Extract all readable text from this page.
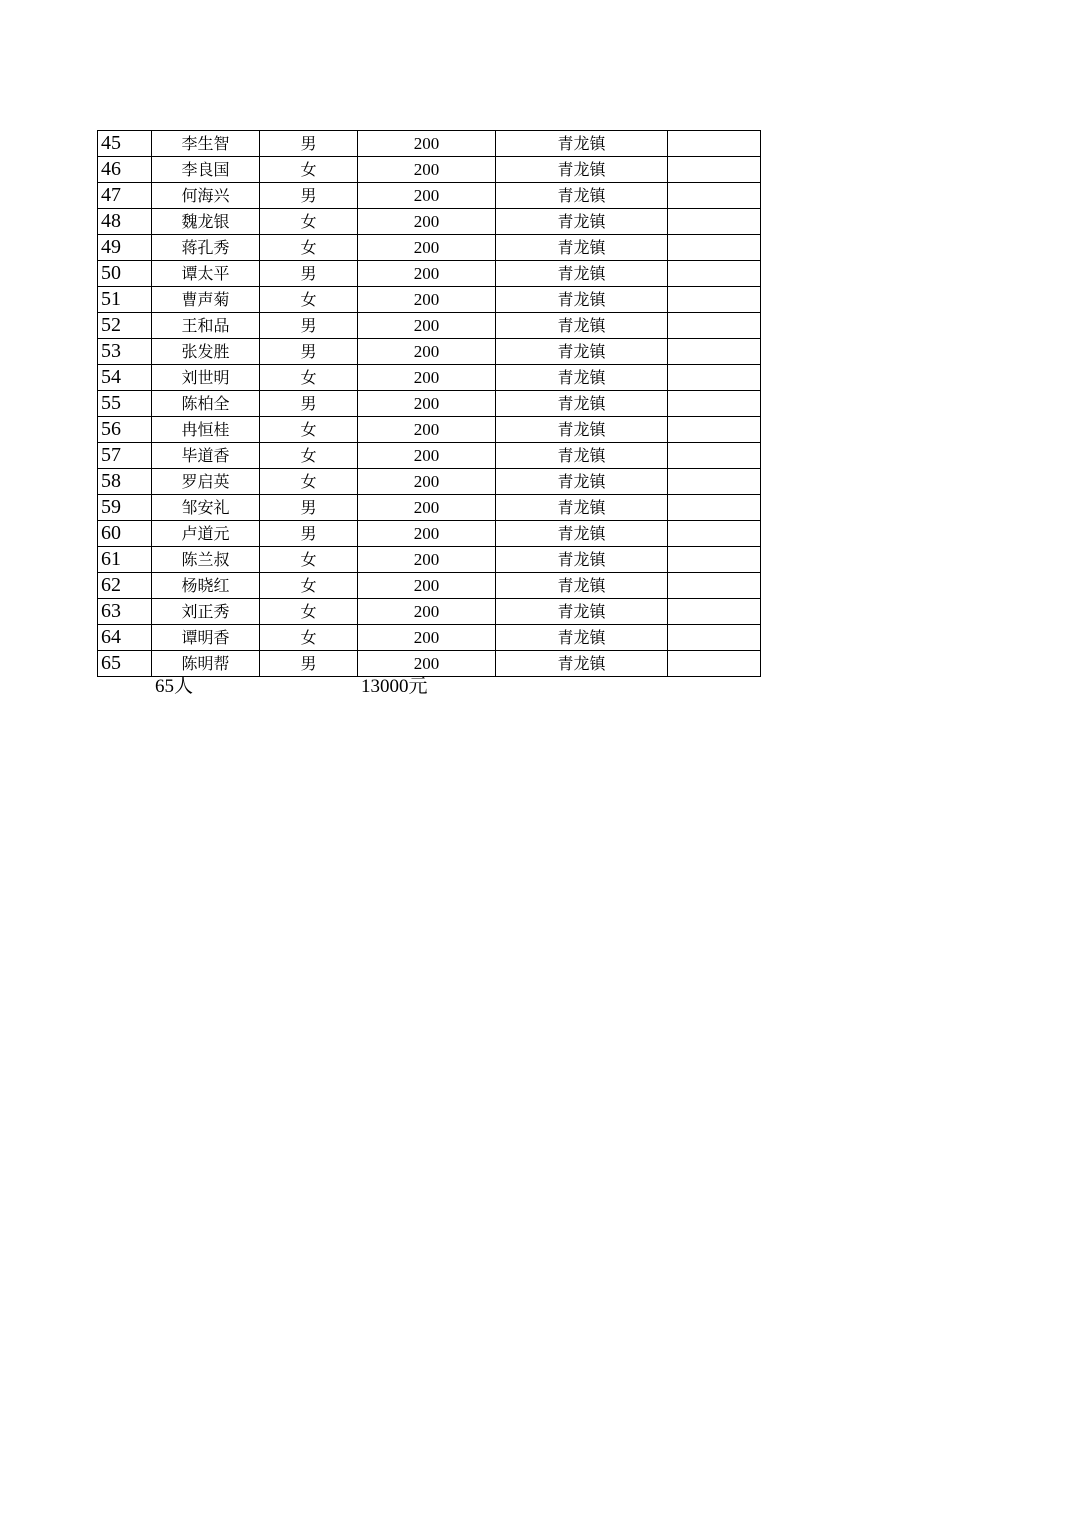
45	李生智	男	200	青龙镇	
46	李良国	女	200	青龙镇	
47	何海兴	男	200	青龙镇	
48	魏龙银	女	200	青龙镇	
49	蒋孔秀	女	200	青龙镇	
50	谭太平	男	200	青龙镇	
51	曹声菊	女	200	青龙镇	
52	王和品	男	200	青龙镇	
53	张发胜	男	200	青龙镇	
54	刘世明	女	200	青龙镇	
55	陈柏全	男	200	青龙镇	
56	冉恒桂	女	200	青龙镇	
57	毕道香	女	200	青龙镇	
58	罗启英	女	200	青龙镇	
59	邹安礼	男	200	青龙镇	
60	卢道元	男	200	青龙镇	
61	陈兰叔	女	200	青龙镇	
62	杨晓红	女	200	青龙镇	
63	刘正秀	女	200	青龙镇	
64	谭明香	女	200	青龙镇	
65	陈明帮	男	200	青龙镇	
65人	13000元
